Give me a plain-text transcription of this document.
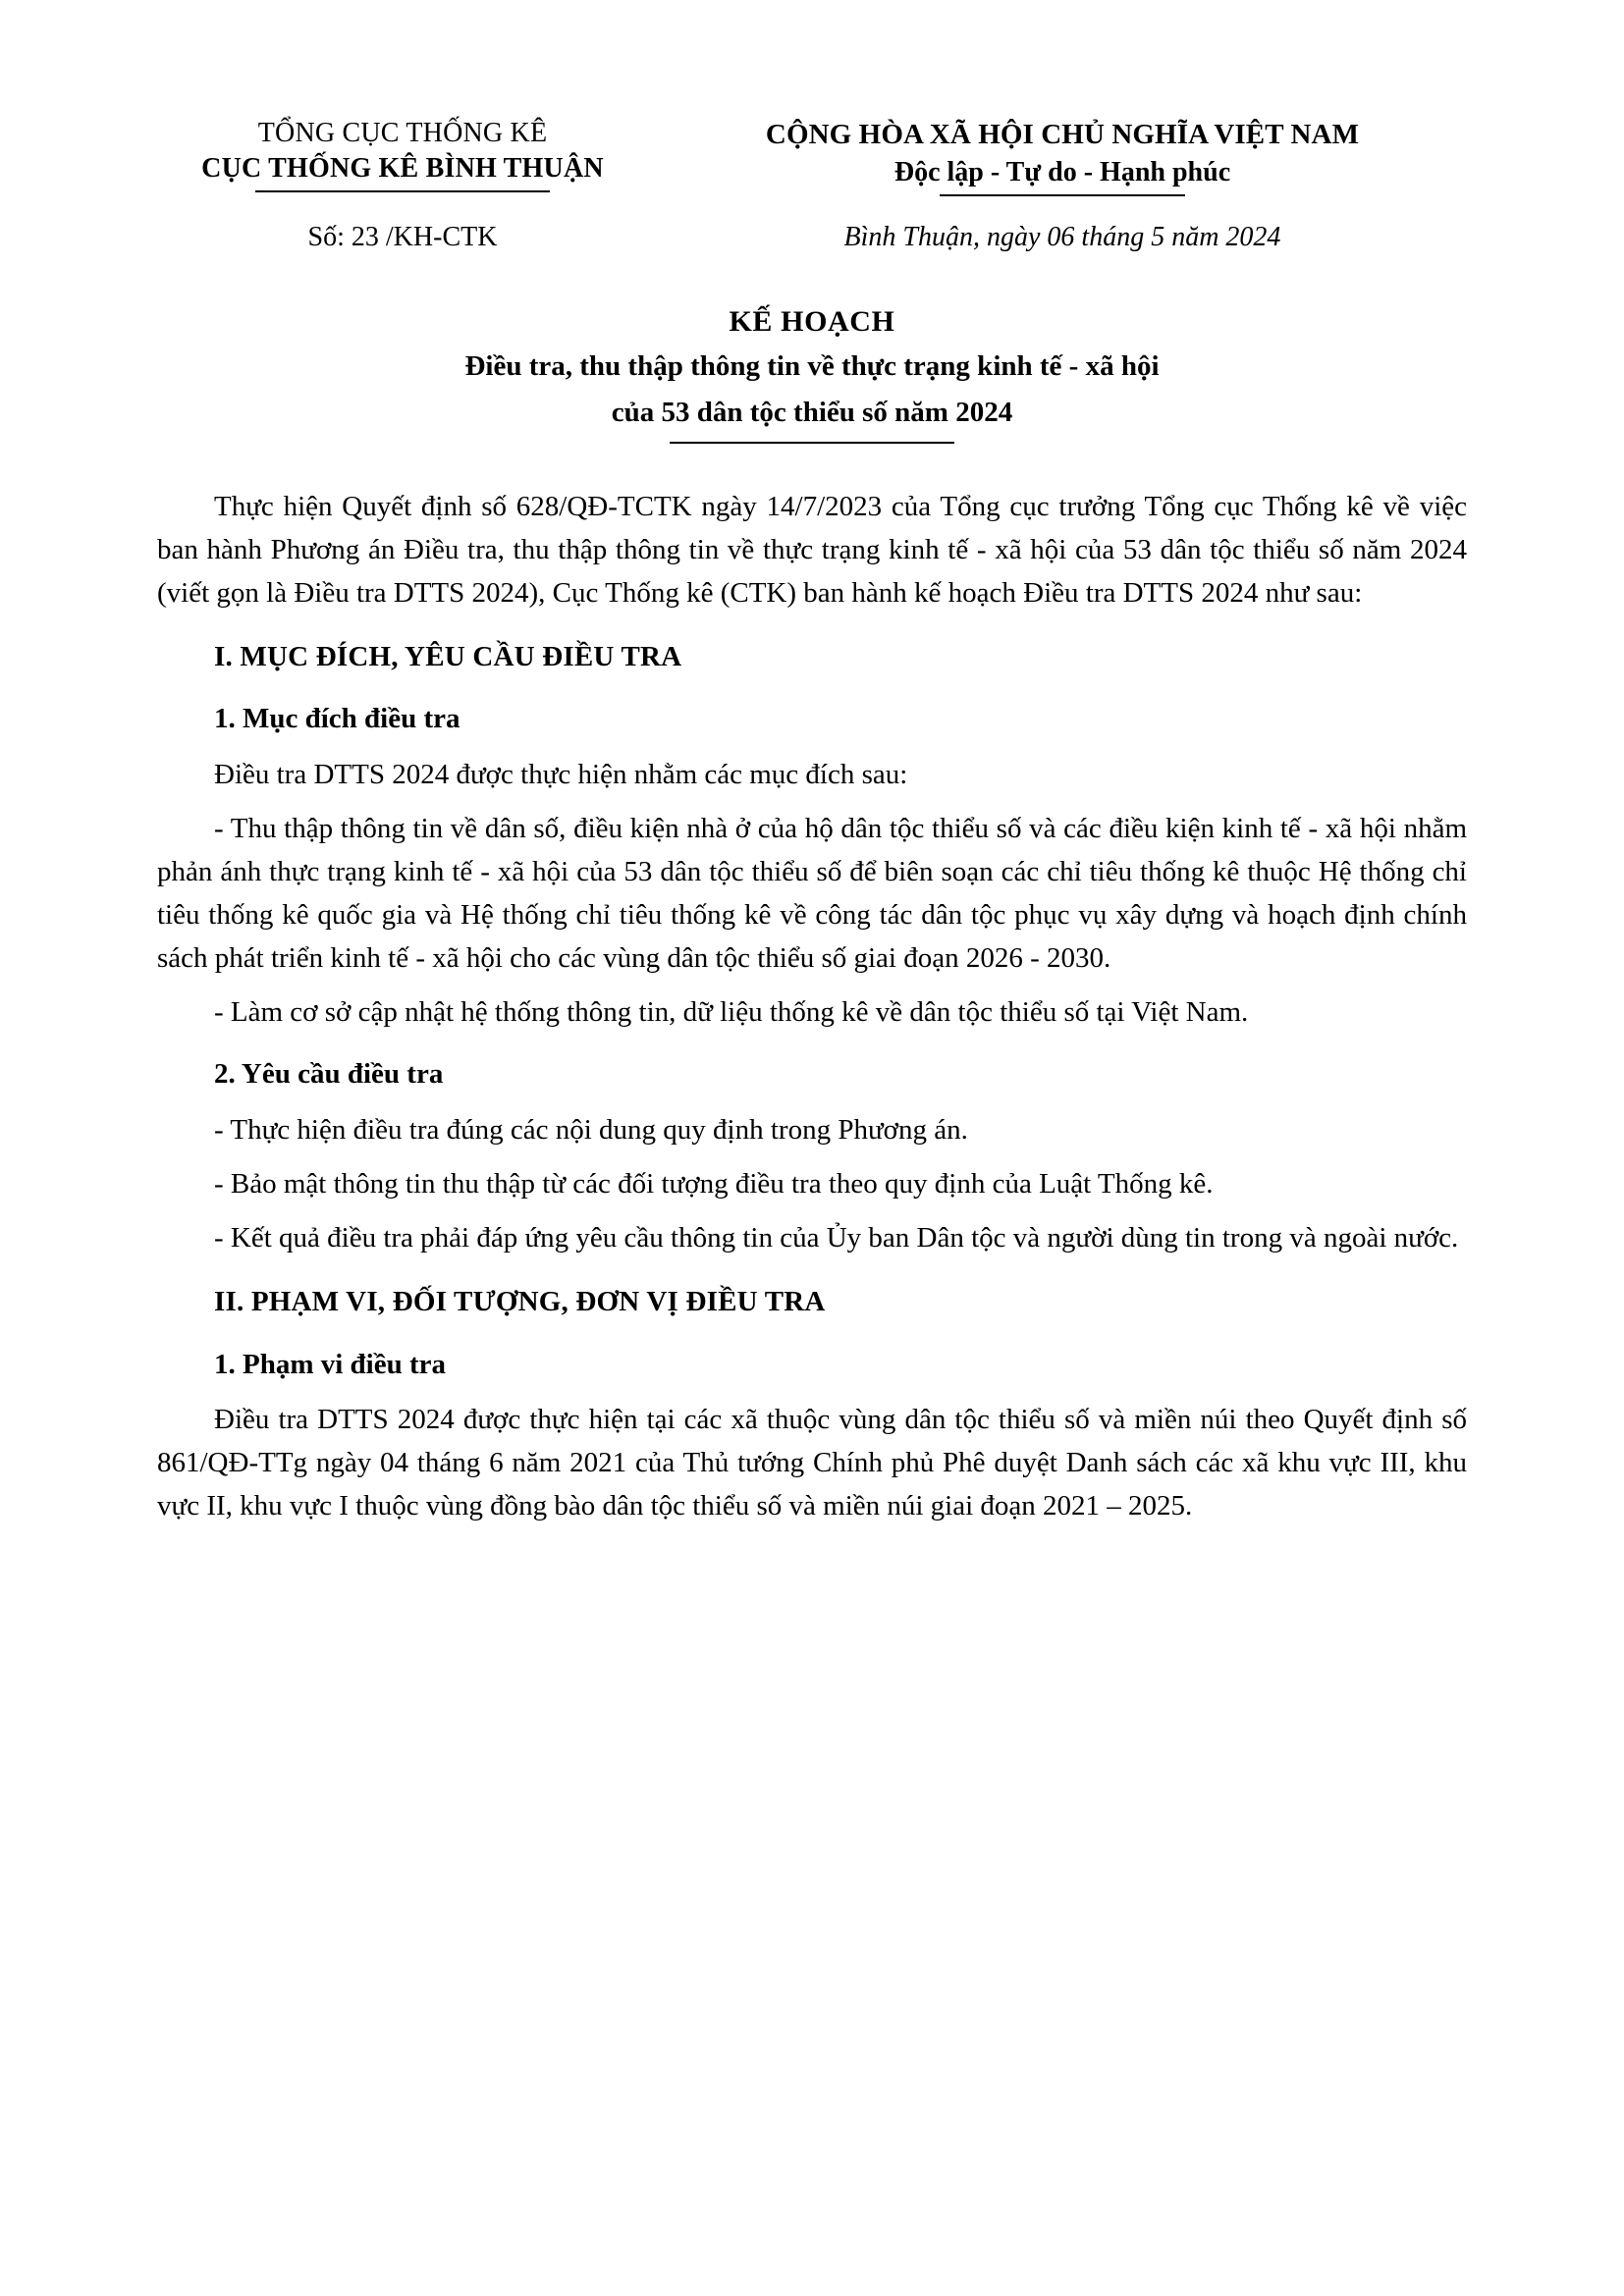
TỔNG CỤC THỐNG KÊ
CỤC THỐNG KÊ BÌNH THUẬN
CỘNG HÒA XÃ HỘI CHỦ NGHĨA VIỆT NAM
Độc lập - Tự do - Hạnh phúc
Số: 23 /KH-CTK	Bình Thuận, ngày 06 tháng 5 năm 2024
KẾ HOẠCH
Điều tra, thu thập thông tin về thực trạng kinh tế - xã hội
của 53 dân tộc thiểu số năm 2024

Thực hiện Quyết định số 628/QĐ-TCTK ngày 14/7/2023 của Tổng cục trưởng Tổng cục Thống kê về việc ban hành Phương án Điều tra, thu thập thông tin về thực trạng kinh tế - xã hội của 53 dân tộc thiểu số năm 2024 (viết gọn là Điều tra DTTS 2024), Cục Thống kê (CTK) ban hành kế hoạch Điều tra DTTS 2024 như sau:

I. MỤC ĐÍCH, YÊU CẦU ĐIỀU TRA

1. Mục đích điều tra

Điều tra DTTS 2024 được thực hiện nhằm các mục đích sau:

- Thu thập thông tin về dân số, điều kiện nhà ở của hộ dân tộc thiểu số và các điều kiện kinh tế - xã hội nhằm phản ánh thực trạng kinh tế - xã hội của 53 dân tộc thiểu số để biên soạn các chỉ tiêu thống kê thuộc Hệ thống chỉ tiêu thống kê quốc gia và Hệ thống chỉ tiêu thống kê về công tác dân tộc phục vụ xây dựng và hoạch định chính sách phát triển kinh tế - xã hội cho các vùng dân tộc thiểu số giai đoạn 2026 - 2030.

- Làm cơ sở cập nhật hệ thống thông tin, dữ liệu thống kê về dân tộc thiểu số tại Việt Nam.

2. Yêu cầu điều tra

- Thực hiện điều tra đúng các nội dung quy định trong Phương án.

- Bảo mật thông tin thu thập từ các đối tượng điều tra theo quy định của Luật Thống kê.

- Kết quả điều tra phải đáp ứng yêu cầu thông tin của Ủy ban Dân tộc và người dùng tin trong và ngoài nước.

II. PHẠM VI, ĐỐI TƯỢNG, ĐƠN VỊ ĐIỀU TRA

1. Phạm vi điều tra

Điều tra DTTS 2024 được thực hiện tại các xã thuộc vùng dân tộc thiểu số và miền núi theo Quyết định số 861/QĐ-TTg ngày 04 tháng 6 năm 2021 của Thủ tướng Chính phủ Phê duyệt Danh sách các xã khu vực III, khu vực II, khu vực I thuộc vùng đồng bào dân tộc thiểu số và miền núi giai đoạn 2021 – 2025.
